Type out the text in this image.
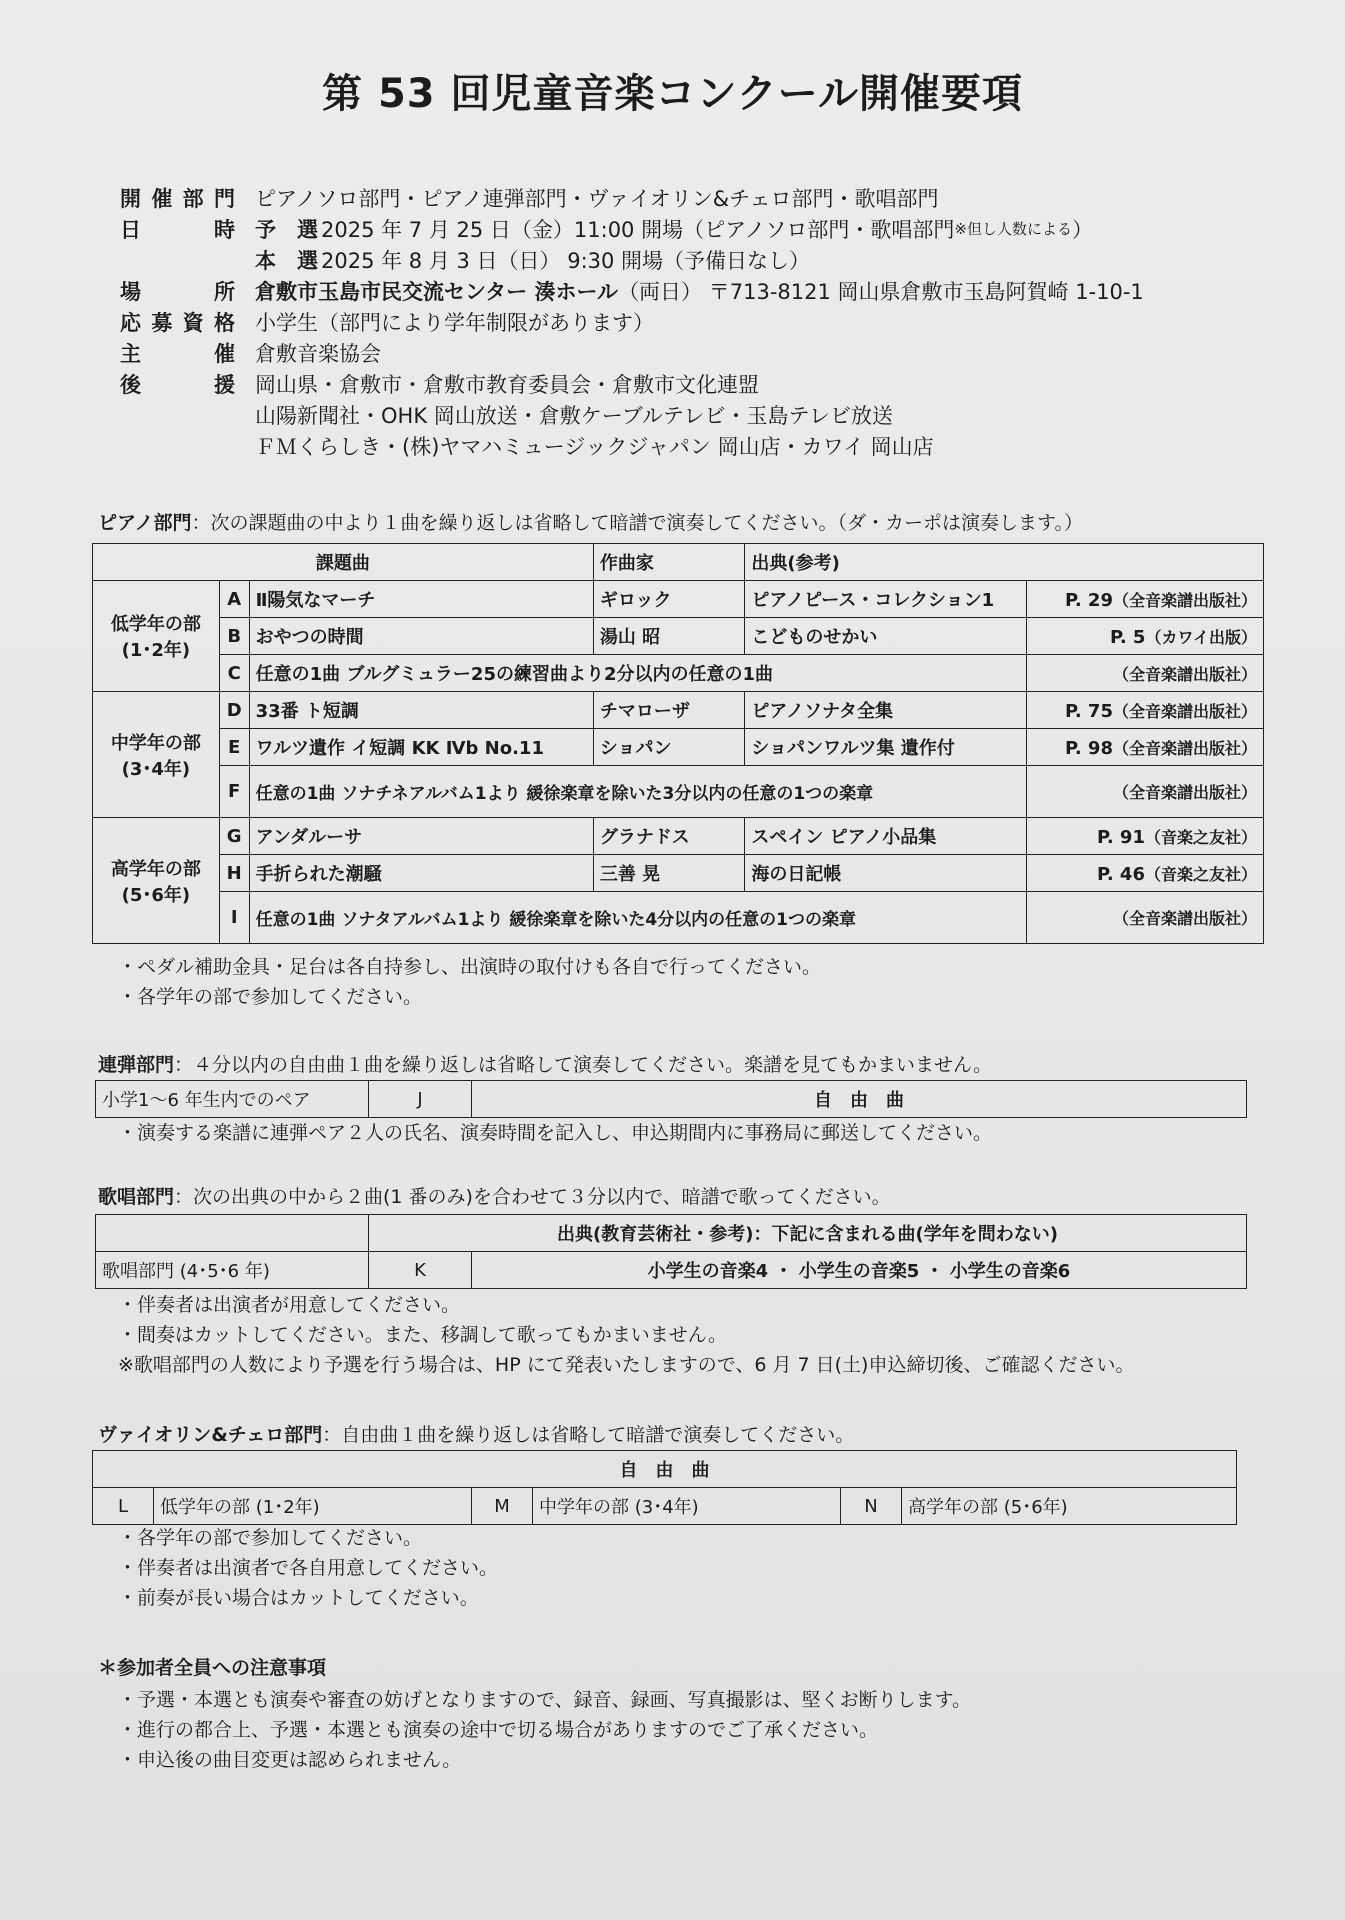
第 53 回児童音楽コンクール開催要項
開催部門 ピアノソロ部門・ピアノ連弾部門・ヴァイオリン&チェロ部門・歌唱部門
日　時 予　選 2025 年 7 月 25 日（金）11:00 開場（ピアノソロ部門・歌唱部門 ※但し人数による ）
本　選 2025 年 8 月 3 日（日） 9:30 開場（予備日なし）
場　所 倉敷市玉島市民交流センター 湊ホール （両日） 〒713-8121 岡山県倉敷市玉島阿賀崎 1-10-1
応募資格 小学生（部門により学年制限があります）
主　催 倉敷音楽協会
後　援 岡山県・倉敷市・倉敷市教育委員会・倉敷市文化連盟
山陽新聞社・OHK 岡山放送・倉敷ケーブルテレビ・玉島テレビ放送
ＦＭくらしき・(株)ヤマハミュージックジャパン 岡山店・カワイ 岡山店
ピアノ部門：次の課題曲の中より１曲を繰り返しは省略して暗譜で演奏してください。（ダ・カーポは演奏します。）
課題曲			作曲家	出典(参考)	

低学年の部
(1･2年)	A	Ⅱ陽気なマーチ	ギロック	ピアノピース・コレクション1	P. 29（全音楽譜出版社）
	B	おやつの時間	湯山 昭	こどものせかい	P. 5（カワイ出版）
	C	任意の1曲 ブルグミュラー25の練習曲より2分以内の任意の1曲			（全音楽譜出版社）

中学年の部
(3･4年)	D	33番 ト短調	チマローザ	ピアノソナタ全集	P. 75（全音楽譜出版社）
	E	ワルツ遺作 イ短調 KK Ⅳb No.11	ショパン	ショパンワルツ集 遺作付	P. 98（全音楽譜出版社）
	F	任意の1曲 ソナチネアルバム1より 緩徐楽章を除いた3分以内の任意の1つの楽章			（全音楽譜出版社）

高学年の部
(5･6年)	G	アンダルーサ	グラナドス	スペイン ピアノ小品集	P. 91（音楽之友社）
	H	手折られた潮騒	三善 晃	海の日記帳	P. 46（音楽之友社）
	I	任意の1曲 ソナタアルバム1より 緩徐楽章を除いた4分以内の任意の1つの楽章			（全音楽譜出版社）
・ペダル補助金具・足台は各自持参し、出演時の取付けも各自で行ってください。
・各学年の部で参加してください。
連弾部門：４分以内の自由曲１曲を繰り返しは省略して演奏してください。楽譜を見てもかまいません。
小学1～6 年生内でのペア	J	自　由　曲
・演奏する楽譜に連弾ペア２人の氏名、演奏時間を記入し、申込期間内に事務局に郵送してください。
歌唱部門：次の出典の中から２曲(1 番のみ)を合わせて３分以内で、暗譜で歌ってください。
	出典(教育芸術社・参考)：下記に含まれる曲(学年を問わない)	
歌唱部門 (4･5･6 年)	K	小学生の音楽4 ・ 小学生の音楽5 ・ 小学生の音楽6
・伴奏者は出演者が用意してください。
・間奏はカットしてください。また、移調して歌ってもかまいません。
※歌唱部門の人数により予選を行う場合は、HP にて発表いたしますので、6 月 7 日(土)申込締切後、ご確認ください。
ヴァイオリン&チェロ部門：自由曲１曲を繰り返しは省略して暗譜で演奏してください。
自　由　曲
L	低学年の部 (1･2年)	M	中学年の部 (3･4年)	N	高学年の部 (5･6年)
・各学年の部で参加してください。
・伴奏者は出演者で各自用意してください。
・前奏が長い場合はカットしてください。
＊参加者全員への注意事項
・予選・本選とも演奏や審査の妨げとなりますので、録音、録画、写真撮影は、堅くお断りします。
・進行の都合上、予選・本選とも演奏の途中で切る場合がありますのでご了承ください。
・申込後の曲目変更は認められません。
